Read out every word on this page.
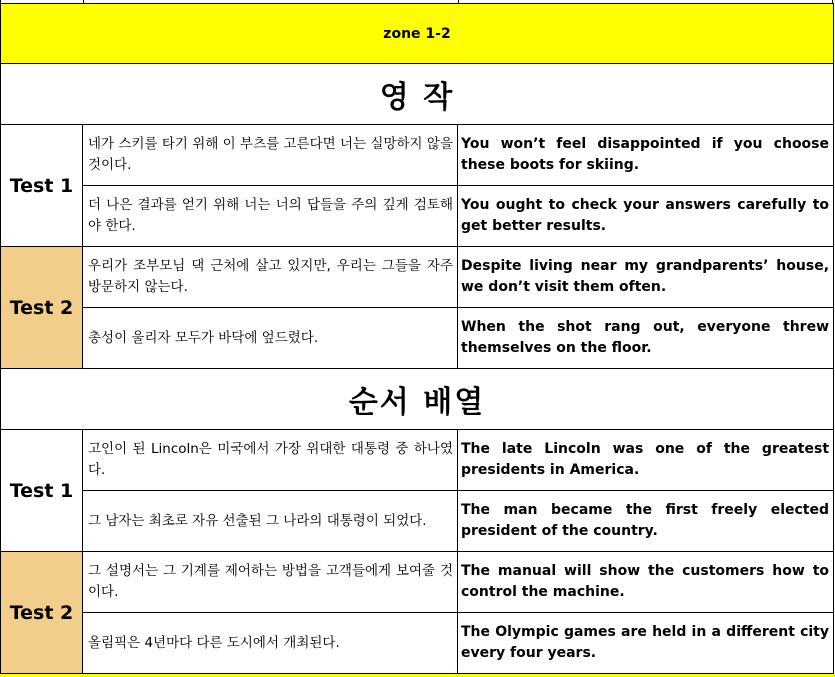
zone 1-2		
영 작		
Test 1	네가 스키를 타기 위해 이 부츠를 고른다면 너는 실망하지 않을 것이다.	You won’t feel disappointed if you choose these boots for skiing.
	더 나은 결과를 얻기 위해 너는 너의 답들을 주의 깊게 검토해야 한다.	You ought to check your answers carefully to get better results.
Test 2	우리가 조부모님 댁 근처에 살고 있지만, 우리는 그들을 자주 방문하지 않는다.	Despite living near my grandparents’ house, we don’t visit them often.
	총성이 울리자 모두가 바닥에 엎드렸다.	When the shot rang out, everyone threw themselves on the floor.
순서 배열		
Test 1	고인이 된 Lincoln은 미국에서 가장 위대한 대통령 중 하나였다.	The late Lincoln was one of the greatest presidents in America.
	그 남자는 최초로 자유 선출된 그 나라의 대통령이 되었다.	The man became the first freely elected president of the country.
Test 2	그 설명서는 그 기계를 제어하는 방법을 고객들에게 보여줄 것이다.	The manual will show the customers how to control the machine.
	올림픽은 4년마다 다른 도시에서 개최된다.	The Olympic games are held in a different city every four years.
